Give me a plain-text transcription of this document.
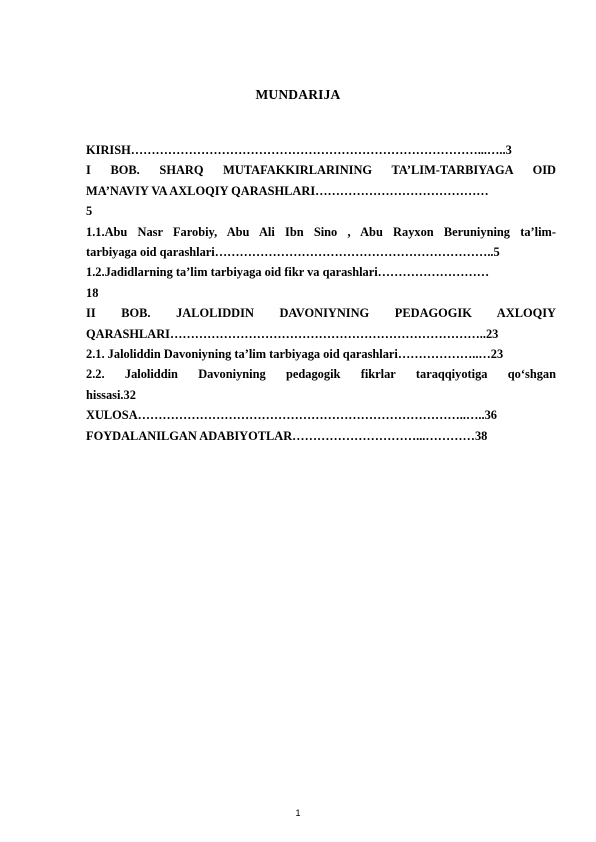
MUNDARIJA
KIRISH…………………………………………………………………………...…..3
I BOB. SHARQ MUTAFAKKIRLARINING TA’LIM-TARBIYAGA OID
MA’NAVIY VA AXLOQIY QARASHLARI……………………………………
5
1.1.Abu Nasr Farobiy, Abu Ali Ibn Sino , Abu Rayxon Beruniyning ta’lim-
tarbiyaga oid qarashlari…………………………………………………………..5
1.2.Jadidlarning ta’lim tarbiyaga oid fikr va qarashlari………………………
18
II BOB. JALOLIDDIN DAVONIYNING PEDAGOGIK AXLOQIY
QARASHLARI…………………………………………………………………..23
2.1. Jaloliddin Davoniyning ta’lim tarbiyaga oid qarashlari………………..…23
2.2. Jaloliddin Davoniyning pedagogik fikrlar taraqqiyotiga qo‘shgan
hissasi.32
XULOSA……………………………………………………………………..…..36
FOYDALANILGAN ADABIYOTLAR…………………………...…………38
1
